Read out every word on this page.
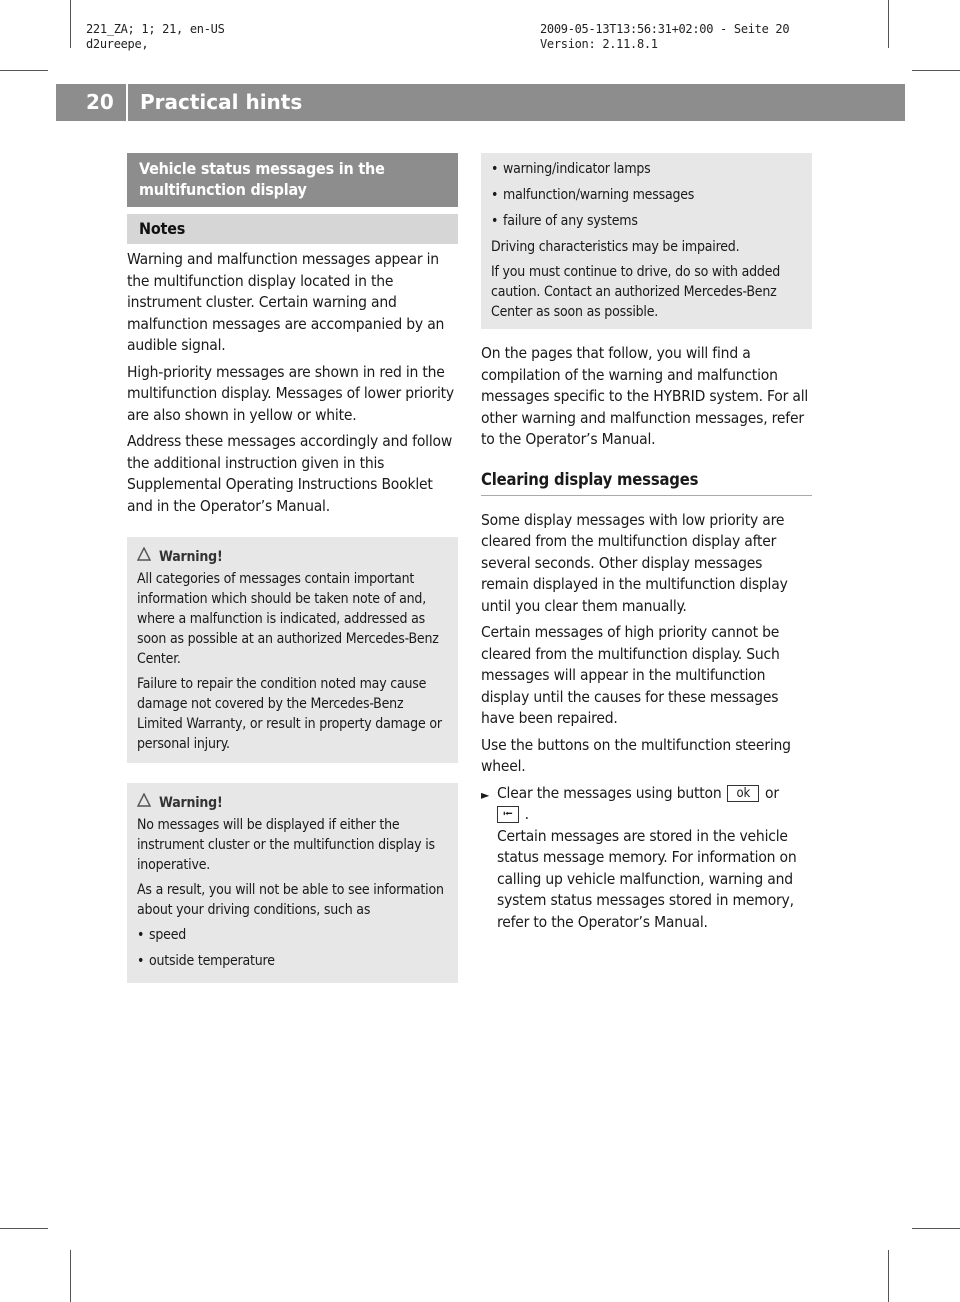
221_ZA; 1; 21, en-US
d2ureepe,
2009-05-13T13:56:31+02:00 - Seite 20
Version: 2.11.8.1
20 Practical hints
Vehicle status messages in the multifunction display
Notes

Warning and malfunction messages appear in the multifunction display located in the instrument cluster. Certain warning and malfunction messages are accompanied by an audible signal.

High-priority messages are shown in red in the multifunction display. Messages of lower priority are also shown in yellow or white.

Address these messages accordingly and follow the additional instruction given in this Supplemental Operating Instructions Booklet and in the Operator’s Manual.

Warning!

All categories of messages contain important information which should be taken note of and, where a malfunction is indicated, addressed as soon as possible at an authorized Mercedes-Benz Center.

Failure to repair the condition noted may cause damage not covered by the Mercedes-Benz Limited Warranty, or result in property damage or personal injury.

Warning!

No messages will be displayed if either the instrument cluster or the multifunction display is inoperative.

As a result, you will not be able to see information about your driving conditions, such as

• speed
• outside temperature
• warning/indicator lamps
• malfunction/warning messages
• failure of any systems

Driving characteristics may be impaired.

If you must continue to drive, do so with added caution. Contact an authorized Mercedes-Benz Center as soon as possible.

On the pages that follow, you will find a compilation of the warning and malfunction messages specific to the HYBRID system. For all other warning and malfunction messages, refer to the Operator’s Manual.

Clearing display messages

Some display messages with low priority are cleared from the multifunction display after several seconds. Other display messages remain displayed in the multifunction display until you clear them manually.

Certain messages of high priority cannot be cleared from the multifunction display. Such messages will appear in the multifunction display until the causes for these messages have been repaired.

Use the buttons on the multifunction steering wheel.

► Clear the messages using button ok or
⭰ .
Certain messages are stored in the vehicle status message memory. For information on calling up vehicle malfunction, warning and system status messages stored in memory, refer to the Operator’s Manual.
